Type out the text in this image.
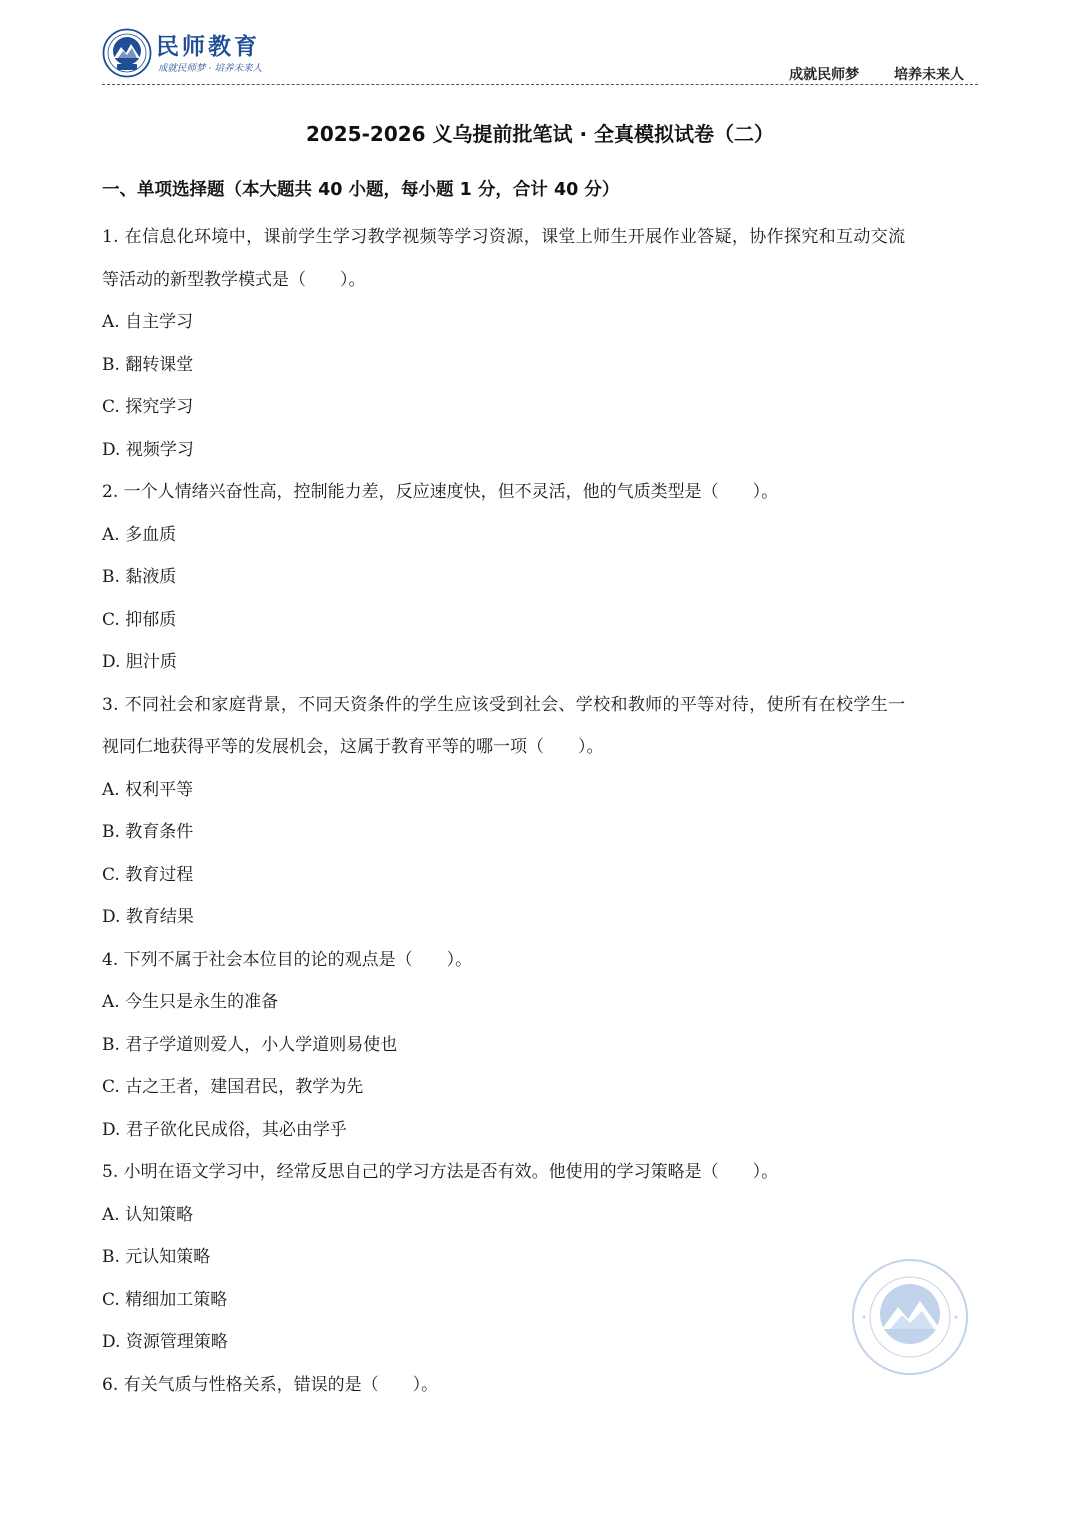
民师教育
成就民师梦 · 培养未来人	成就民师梦 培养未来人
2025-2026 义乌提前批笔试 · 全真模拟试卷（二）
一、单项选择题（本大题共 40 小题，每小题 1 分，合计 40 分）
1. 在信息化环境中，课前学生学习教学视频等学习资源，课堂上师生开展作业答疑，协作探究和互动交流
等活动的新型教学模式是（　　）。
A. 自主学习
B. 翻转课堂
C. 探究学习
D. 视频学习
2. 一个人情绪兴奋性高，控制能力差，反应速度快，但不灵活，他的气质类型是（　　）。
A. 多血质
B. 黏液质
C. 抑郁质
D. 胆汁质
3. 不同社会和家庭背景，不同天资条件的学生应该受到社会、学校和教师的平等对待，使所有在校学生一
视同仁地获得平等的发展机会，这属于教育平等的哪一项（　　）。
A. 权利平等
B. 教育条件
C. 教育过程
D. 教育结果
4. 下列不属于社会本位目的论的观点是（　　）。
A. 今生只是永生的准备
B. 君子学道则爱人，小人学道则易使也
C. 古之王者，建国君民，教学为先
D. 君子欲化民成俗，其必由学乎
5. 小明在语文学习中，经常反思自己的学习方法是否有效。他使用的学习策略是（　　）。
A. 认知策略
B. 元认知策略
C. 精细加工策略
D. 资源管理策略
6. 有关气质与性格关系，错误的是（　　）。
